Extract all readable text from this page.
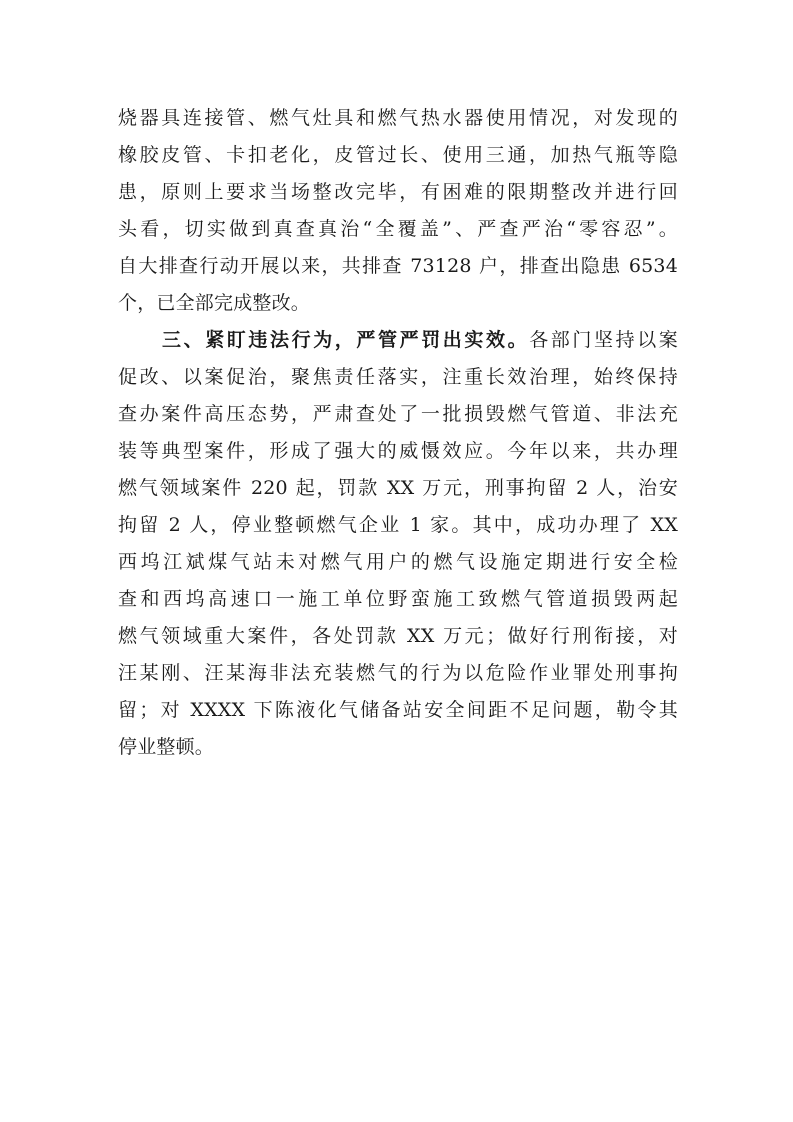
烧器具连接管、燃气灶具和燃气热水器使用情况，对发现的
橡胶皮管、卡扣老化，皮管过长、使用三通，加热气瓶等隐
患，原则上要求当场整改完毕，有困难的限期整改并进行回
头看，切实做到真查真治“全覆盖”、严查严治“零容忍”。
自大排查行动开展以来，共排查 73128 户，排查出隐患 6534
个，已全部完成整改。
三、紧盯违法行为，严管严罚出实效。各部门坚持以案
促改、以案促治，聚焦责任落实，注重长效治理，始终保持
查办案件高压态势，严肃查处了一批损毁燃气管道、非法充
装等典型案件，形成了强大的威慑效应。今年以来，共办理
燃气领域案件 220 起，罚款 XX 万元，刑事拘留 2 人，治安
拘留 2 人，停业整顿燃气企业 1 家。其中，成功办理了 XX
西坞江斌煤气站未对燃气用户的燃气设施定期进行安全检
查和西坞高速口一施工单位野蛮施工致燃气管道损毁两起
燃气领域重大案件，各处罚款 XX 万元；做好行刑衔接，对
汪某刚、汪某海非法充装燃气的行为以危险作业罪处刑事拘
留；对 XXXX 下陈液化气储备站安全间距不足问题，勒令其
停业整顿。
